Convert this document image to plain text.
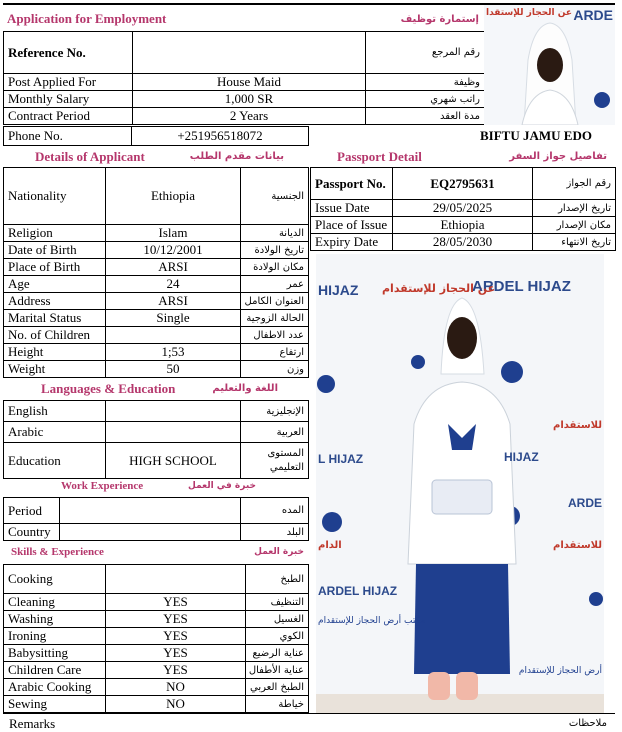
Application for Employment	إستمارة توظيف
Reference No.		رقم المرجع
Post Applied For	House Maid	وظيفة
Monthly Salary	1,000 SR	راتب شهري
Contract Period	2 Years	مدة العقد
ARDE
عن الحجاز للإستقدا
Phone No.	+251956518072	BIFTU JAMU EDO
Details of Applicant	بيانات مقدم الطلب	Passport Detail	تفاصيل جواز السفر
Nationality	Ethiopia	الجنسية
Religion	Islam	الديانة
Date of Birth	10/12/2001	تاريخ الولادة
Place of Birth	ARSI	مكان الولادة
Age	24	عمر
Address	ARSI	العنوان الكامل
Marital Status	Single	الحالة الزوجية
No. of Children		عدد الاطفال
Height	1;53	ارتفاع
Weight	50	وزن
Passport No.	EQ2795631	رقم الجواز
Issue Date	29/05/2025	تاريخ الإصدار
Place of Issue	Ethiopia	مكان الإصدار
Expiry Date	28/05/2030	تاريخ الانتهاء
Languages & Education	اللغة والتعليم
English		الإنجليزية
Arabic		العربية
Education	HIGH SCHOOL	المستوى التعليمي
Work Experience	خبرة في العمل
Period		المده
Country		البلد
Skills & Experience	خبرة العمل
Cooking		الطبخ
Cleaning	YES	التنظيف
Washing	YES	الغسيل
Ironing	YES	الكوي
Babysitting	YES	عناية الرضيع
Children Care	YES	عناية الأطفال
Arabic Cooking	NO	الطبخ العربي
Sewing	NO	خياطة
ARDEL HIJAZ
HIJAZ
L HIJAZ	HIJAZ
ARDE
ARDEL HIJAZ
عن الحجاز للإستقدام
للاستقدام
للاستقدام
الدام
مكتب أرض الحجاز للإستقدام
أرض الحجاز للإستقدام
Remarks	ملاحظات
